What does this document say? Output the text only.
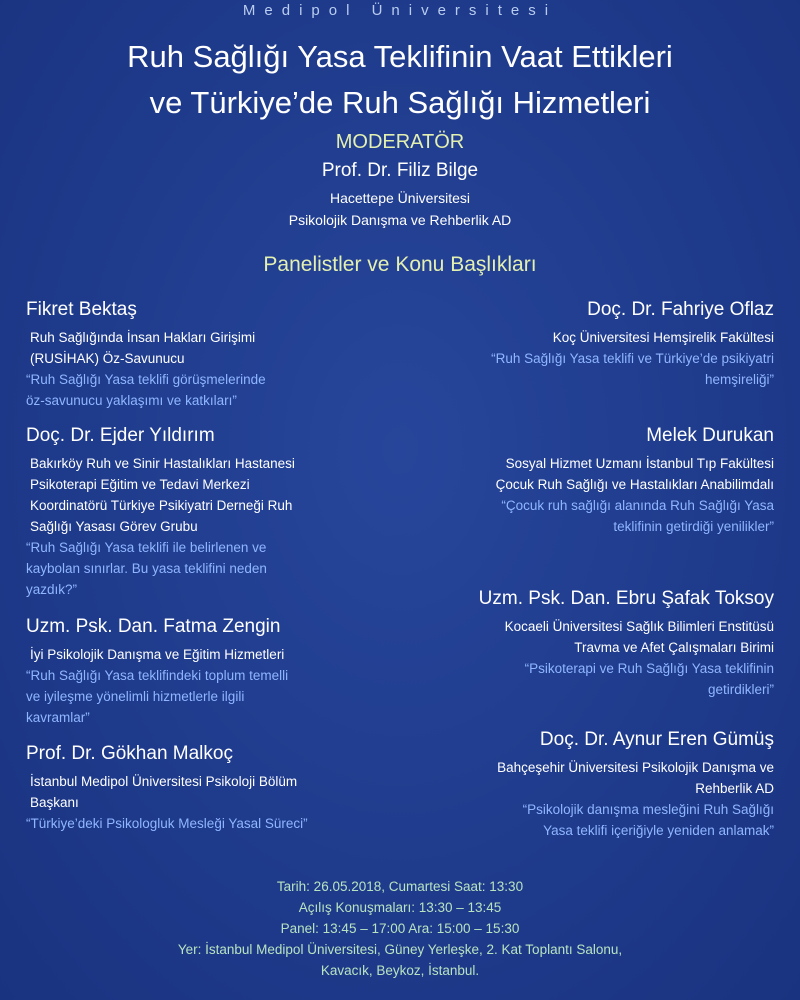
Medipol Üniversitesi
Ruh Sağlığı Yasa Teklifinin Vaat Ettikleri
ve Türkiye’de Ruh Sağlığı Hizmetleri
MODERATÖR
Prof. Dr. Filiz Bilge
Hacettepe Üniversitesi
Psikolojik Danışma ve Rehberlik AD
Panelistler ve Konu Başlıkları
Fikret Bektaş
Ruh Sağlığında İnsan Hakları Girişimi
(RUSİHAK) Öz-Savunucu
“Ruh Sağlığı Yasa teklifi görüşmelerinde
öz-savunucu yaklaşımı ve katkıları”
Doç. Dr. Fahriye Oflaz
Koç Üniversitesi Hemşirelik Fakültesi
“Ruh Sağlığı Yasa teklifi ve Türkiye’de psikiyatri
hemşireliği”
Doç. Dr. Ejder Yıldırım
Bakırköy Ruh ve Sinir Hastalıkları Hastanesi
Psikoterapi Eğitim ve Tedavi Merkezi
Koordinatörü Türkiye Psikiyatri Derneği Ruh
Sağlığı Yasası Görev Grubu
“Ruh Sağlığı Yasa teklifi ile belirlenen ve
kaybolan sınırlar. Bu yasa teklifini neden
yazdık?”
Melek Durukan
Sosyal Hizmet Uzmanı İstanbul Tıp Fakültesi
Çocuk Ruh Sağlığı ve Hastalıkları Anabilimdalı
“Çocuk ruh sağlığı alanında Ruh Sağlığı Yasa
teklifinin getirdiği yenilikler”
Uzm. Psk. Dan. Fatma Zengin
İyi Psikolojik Danışma ve Eğitim Hizmetleri
“Ruh Sağlığı Yasa teklifindeki toplum temelli
ve iyileşme yönelimli hizmetlerle ilgili
kavramlar”
Uzm. Psk. Dan. Ebru Şafak Toksoy
Kocaeli Üniversitesi Sağlık Bilimleri Enstitüsü
Travma ve Afet Çalışmaları Birimi
“Psikoterapi ve Ruh Sağlığı Yasa teklifinin
getirdikleri”
Prof. Dr. Gökhan Malkoç
İstanbul Medipol Üniversitesi Psikoloji Bölüm
Başkanı
“Türkiye’deki Psikologluk Mesleği Yasal Süreci”
Doç. Dr. Aynur Eren Gümüş
Bahçeşehir Üniversitesi Psikolojik Danışma ve
Rehberlik AD
“Psikolojik danışma mesleğini Ruh Sağlığı
Yasa teklifi içeriğiyle yeniden anlamak”
Tarih: 26.05.2018, Cumartesi Saat: 13:30
Açılış Konuşmaları: 13:30 – 13:45
Panel: 13:45 – 17:00 Ara: 15:00 – 15:30
Yer: İstanbul Medipol Üniversitesi, Güney Yerleşke, 2. Kat Toplantı Salonu,
Kavacık, Beykoz, İstanbul.
